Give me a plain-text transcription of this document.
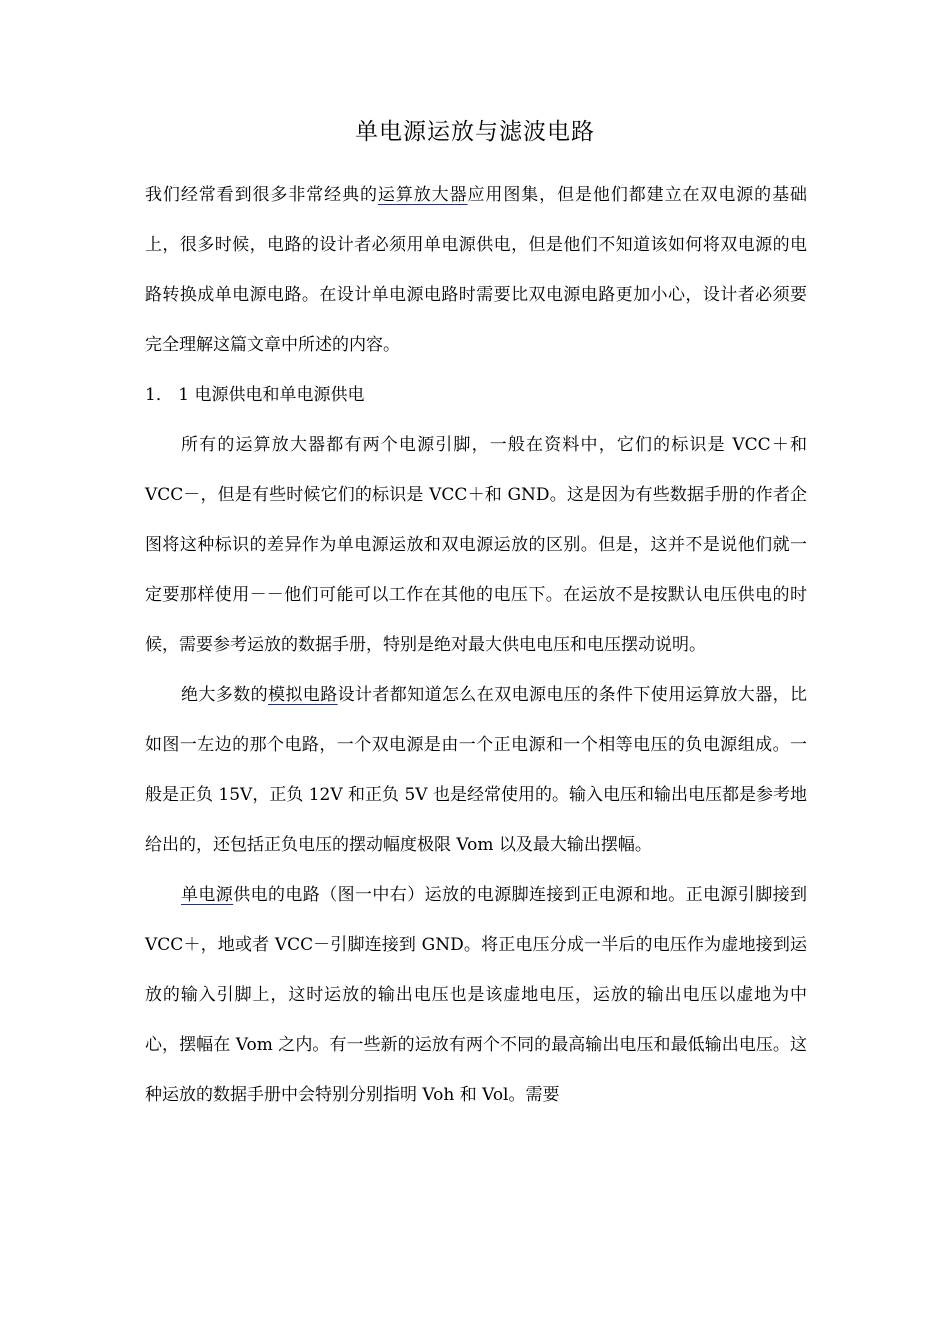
单电源运放与滤波电路

我们经常看到很多非常经典的运算放大器应用图集，但是他们都建立在双电源的基础上，很多时候，电路的设计者必须用单电源供电，但是他们不知道该如何将双电源的电路转换成单电源电路。在设计单电源电路时需要比双电源电路更加小心，设计者必须要完全理解这篇文章中所述的内容。

1． 1 电源供电和单电源供电

所有的运算放大器都有两个电源引脚，一般在资料中，它们的标识是 VCC＋和 VCC－，但是有些时候它们的标识是 VCC＋和 GND。这是因为有些数据手册的作者企图将这种标识的差异作为单电源运放和双电源运放的区别。但是，这并不是说他们就一定要那样使用－－他们可能可以工作在其他的电压下。在运放不是按默认电压供电的时候，需要参考运放的数据手册，特别是绝对最大供电电压和电压摆动说明。

绝大多数的模拟电路设计者都知道怎么在双电源电压的条件下使用运算放大器，比如图一左边的那个电路，一个双电源是由一个正电源和一个相等电压的负电源组成。一般是正负 15V，正负 12V 和正负 5V 也是经常使用的。输入电压和输出电压都是参考地给出的，还包括正负电压的摆动幅度极限 Vom 以及最大输出摆幅。

单电源供电的电路（图一中右）运放的电源脚连接到正电源和地。正电源引脚接到 VCC＋，地或者 VCC－引脚连接到 GND。将正电压分成一半后的电压作为虚地接到运放的输入引脚上，这时运放的输出电压也是该虚地电压，运放的输出电压以虚地为中心，摆幅在 Vom 之内。有一些新的运放有两个不同的最高输出电压和最低输出电压。这种运放的数据手册中会特别分别指明 Voh 和 Vol。需要
